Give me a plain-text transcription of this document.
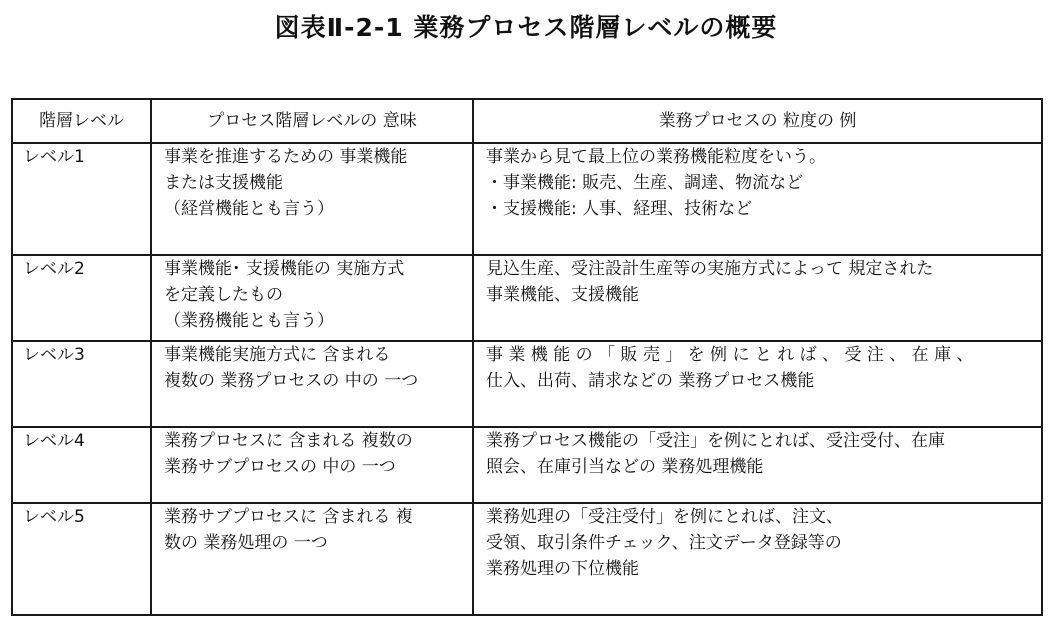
図表Ⅱ-2-1 業務プロセス階層レベルの概要
階層レベル	プロセス階層レベルの 意味	業務プロセスの 粒度の 例
レベル1	事業を推進するための 事業機能
または支援機能
（経営機能とも言う）	事業から見て最上位の業務機能粒度をいう。
・事業機能: 販売、生産、調達、物流など
・支援機能: 人事、経理、技術など

レベル2	事業機能･ 支援機能の 実施方式
を定義したもの
（業務機能とも言う）	見込生産、受注設計生産等の実施方式によって 規定された
事業機能、支援機能

レベル3	事業機能実施方式に 含まれる
複数の 業務プロセスの 中の 一つ	事 業 機 能 の 「 販 売 」 を 例 に と れ ば 、 受 注 、 在 庫 、
仕入、出荷、請求などの 業務プロセス機能

レベル4	業務プロセスに 含まれる 複数の
業務サブプロセスの 中の 一つ	業務プロセス機能の「受注」を例にとれば、受注受付、在庫
照会、在庫引当などの 業務処理機能

レベル5	業務サブプロセスに 含まれる 複
数の 業務処理の 一つ	業務処理の「受注受付」を例にとれば、注文、
受領、取引条件チェック、注文データ登録等の
業務処理の下位機能
